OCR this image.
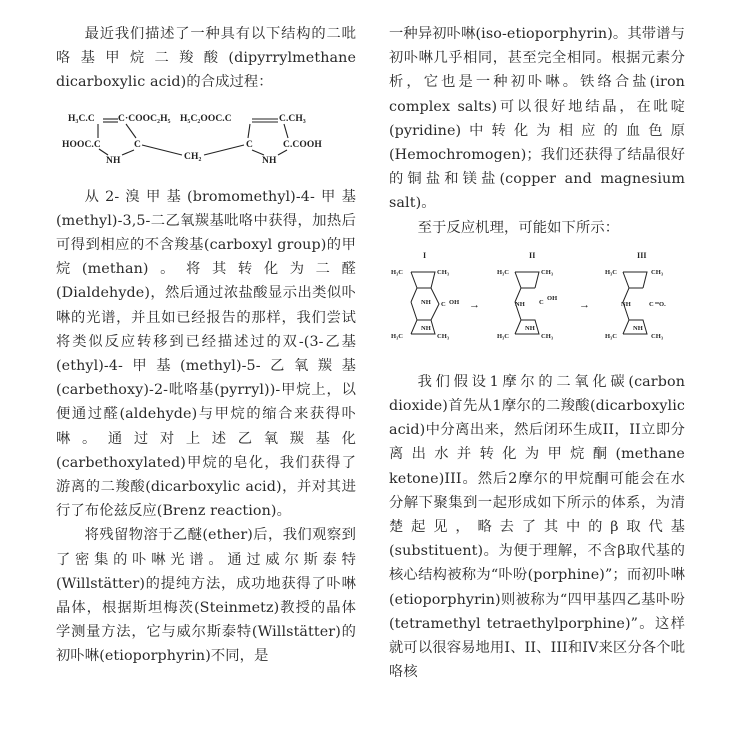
最近我们描述了一种具有以下结构的二吡咯基甲烷二羧酸(dipyrrylmethane dicarboxylic acid)的合成过程：

H₃C.C C·COOC₂H₅
HOOC.C	C
NH	CH₂
H₅C₂OOC.C	C.CH₃
C	C.COOH
NH

从2-溴甲基(bromomethyl)-4-甲基(methyl)-3,5-二乙氧羰基吡咯中获得，加热后可得到相应的不含羧基(carboxyl group)的甲烷(methan)。将其转化为二醛(Dialdehyde)，然后通过浓盐酸显示出类似卟啉的光谱，并且如已经报告的那样，我们尝试将类似反应转移到已经描述过的双-(3-乙基(ethyl)-4-甲基(methyl)-5-乙氧羰基(carbethoxy)-2-吡咯基(pyrryl))-甲烷上，以便通过醛(aldehyde)与甲烷的缩合来获得卟啉。通过对上述乙氧羰基化(carbethoxylated)甲烷的皂化，我们获得了游离的二羧酸(dicarboxylic acid)，并对其进行了布伦兹反应(Brenz reaction)。

将残留物溶于乙醚(ether)后，我们观察到了密集的卟啉光谱。通过威尔斯泰特(Willstätter)的提纯方法，成功地获得了卟啉晶体，根据斯坦梅茨(Steinmetz)教授的晶体学测量方法，它与威尔斯泰特(Willstätter)的初卟啉(etioporphyrin)不同，是

一种异初卟啉(iso-etioporphyrin)。其带谱与初卟啉几乎相同，甚至完全相同。根据元素分析，它也是一种初卟啉。铁络合盐(iron complex salts)可以很好地结晶，在吡啶(pyridine)中转化为相应的血色原(Hemochromogen)；我们还获得了结晶很好的铜盐和镁盐(copper and magnesium salt)。

至于反应机理，可能如下所示：

I
H₃C	CH₃
NH C OH
H₃C	CH₃
NH
→
II
H₃C	CH₃
NH C
OH
H₃C	CH₃
NH
→
III
H₃C	CH₃
NH	C O.
H₃C	CH₃
NH

我们假设1摩尔的二氧化碳(carbon dioxide)首先从1摩尔的二羧酸(dicarboxylic acid)中分离出来，然后闭环生成II，II立即分离出水并转化为甲烷酮(methane ketone)III。然后2摩尔的甲烷酮可能会在水分解下聚集到一起形成如下所示的体系，为清楚起见，略去了其中的β取代基(substituent)。为便于理解，不含β取代基的核心结构被称为“卟吩(porphine)”；而初卟啉(etioporphyrin)则被称为“四甲基四乙基卟吩(tetramethyl tetraethylporphine)”。这样就可以很容易地用I、II、III和IV来区分各个吡咯核
